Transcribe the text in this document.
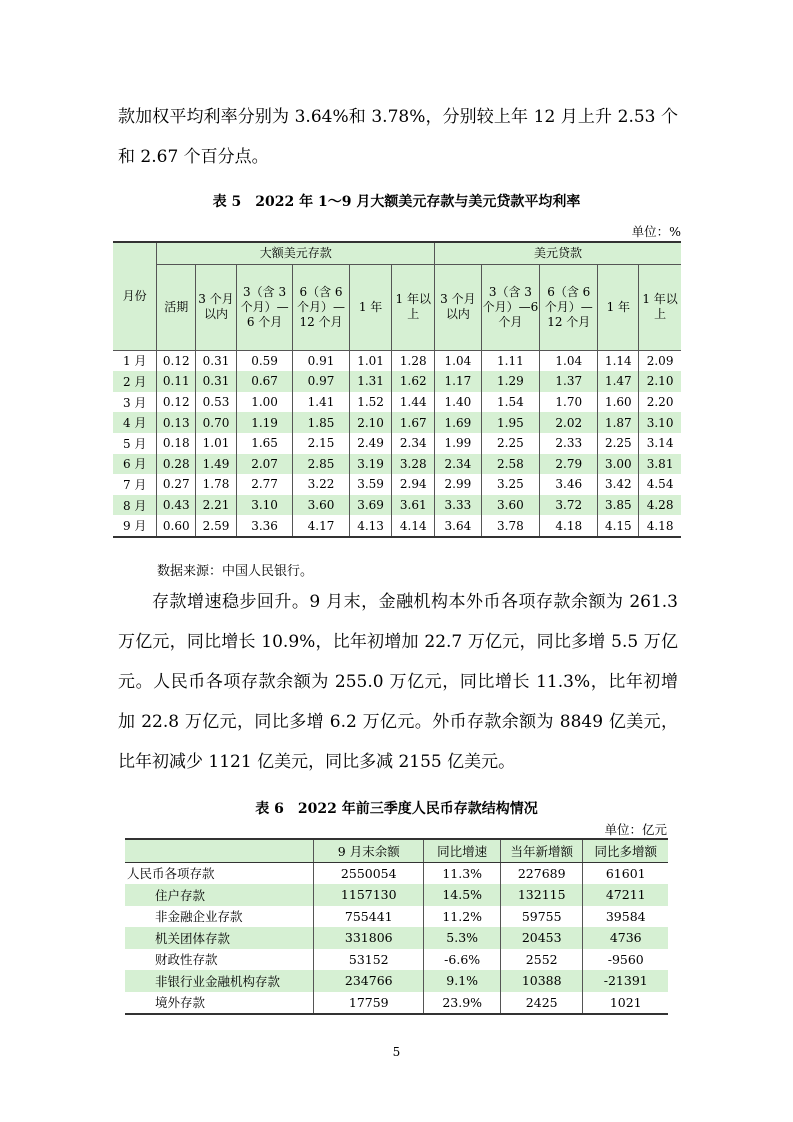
款加权平均利率分别为 3.64%和 3.78%，分别较上年 12 月上升 2.53 个和 2.67 个百分点。

表 5　2022 年 1～9 月大额美元存款与美元贷款平均利率
单位：%
月份	大额美元存款						美元贷款				
	活期	3 个月以内	3（含 3 个月）—6 个月	6（含 6 个月）—12 个月	1 年	1 年以上	3 个月以内	3（含 3 个月）—6 个月	6（含 6 个月）—12 个月	1 年	1 年以上
1 月	0.12	0.31	0.59	0.91	1.01	1.28	1.04	1.11	1.04	1.14	2.09
2 月	0.11	0.31	0.67	0.97	1.31	1.62	1.17	1.29	1.37	1.47	2.10
3 月	0.12	0.53	1.00	1.41	1.52	1.44	1.40	1.54	1.70	1.60	2.20
4 月	0.13	0.70	1.19	1.85	2.10	1.67	1.69	1.95	2.02	1.87	3.10
5 月	0.18	1.01	1.65	2.15	2.49	2.34	1.99	2.25	2.33	2.25	3.14
6 月	0.28	1.49	2.07	2.85	3.19	3.28	2.34	2.58	2.79	3.00	3.81
7 月	0.27	1.78	2.77	3.22	3.59	2.94	2.99	3.25	3.46	3.42	4.54
8 月	0.43	2.21	3.10	3.60	3.69	3.61	3.33	3.60	3.72	3.85	4.28
9 月	0.60	2.59	3.36	4.17	4.13	4.14	3.64	3.78	4.18	4.15	4.18
数据来源：中国人民银行。

存款增速稳步回升。9 月末，金融机构本外币各项存款余额为 261.3 万亿元，同比增长 10.9%，比年初增加 22.7 万亿元，同比多增 5.5 万亿元。人民币各项存款余额为 255.0 万亿元，同比增长 11.3%，比年初增加 22.8 万亿元，同比多增 6.2 万亿元。外币存款余额为 8849 亿美元，比年初减少 1121 亿美元，同比多减 2155 亿美元。

表 6　2022 年前三季度人民币存款结构情况
单位：亿元
	9 月末余额	同比增速	当年新增额	同比多增额
人民币各项存款	2550054	11.3%	227689	61601
住户存款	1157130	14.5%	132115	47211
非金融企业存款	755441	11.2%	59755	39584
机关团体存款	331806	5.3%	20453	4736
财政性存款	53152	-6.6%	2552	-9560
非银行业金融机构存款	234766	9.1%	10388	-21391
境外存款	17759	23.9%	2425	1021
5
